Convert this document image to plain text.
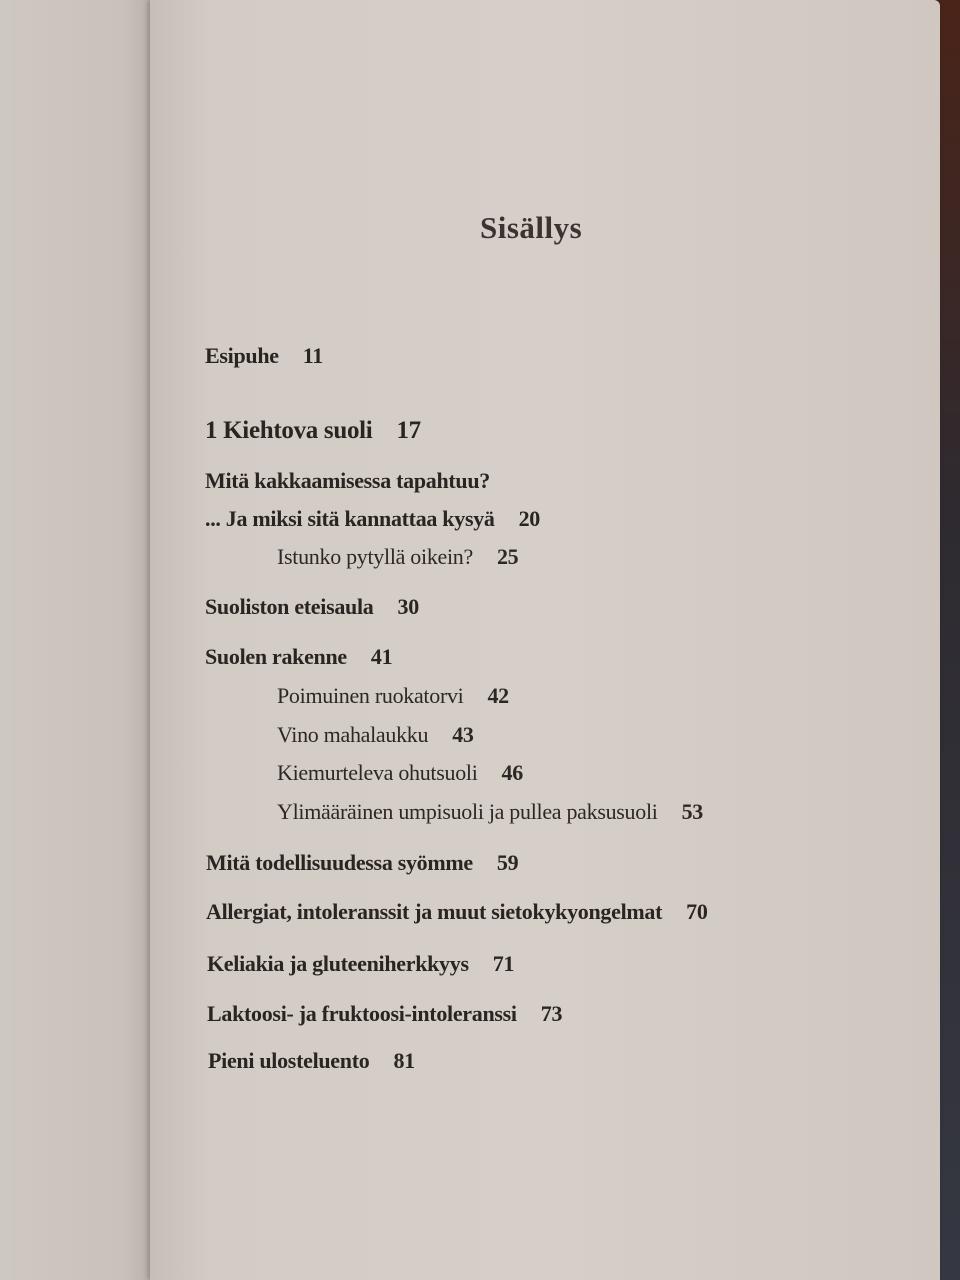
Sisällys
Esipuhe 11
1 Kiehtova suoli 17
Mitä kakkaamisessa tapahtuu?
... Ja miksi sitä kannattaa kysyä 20
Istunko pytyllä oikein? 25
Suoliston eteisaula 30
Suolen rakenne 41
Poimuinen ruokatorvi 42
Vino mahalaukku 43
Kiemurteleva ohutsuoli 46
Ylimääräinen umpisuoli ja pullea paksusuoli 53
Mitä todellisuudessa syömme 59
Allergiat, intoleranssit ja muut sietokykyongelmat 70
Keliakia ja gluteeniherkkyys 71
Laktoosi- ja fruktoosi-intoleranssi 73
Pieni ulosteluento 81
